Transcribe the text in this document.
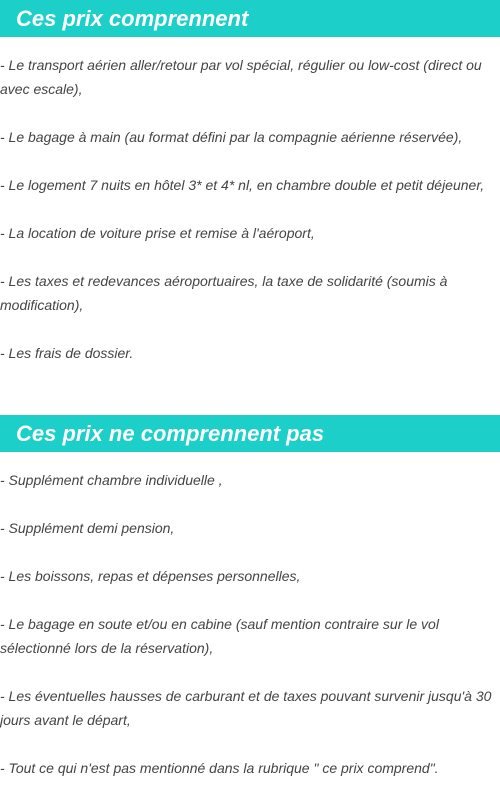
Ces prix comprennent
- Le transport aérien aller/retour par vol spécial, régulier ou low-cost (direct ou avec escale),
- Le bagage à main (au format défini par la compagnie aérienne réservée),
- Le logement 7 nuits en hôtel 3* et 4* nl, en chambre double et petit déjeuner,
- La location de voiture prise et remise à l'aéroport,
- Les taxes et redevances aéroportuaires, la taxe de solidarité (soumis à modification),
- Les frais de dossier.
Ces prix ne comprennent pas
- Supplément chambre individuelle ,
- Supplément demi pension,
- Les boissons, repas et dépenses personnelles,
- Le bagage en soute et/ou en cabine (sauf mention contraire sur le vol sélectionné lors de la réservation),
- Les éventuelles hausses de carburant et de taxes pouvant survenir jusqu'à 30 jours avant le départ,
- Tout ce qui n'est pas mentionné dans la rubrique " ce prix comprend".
